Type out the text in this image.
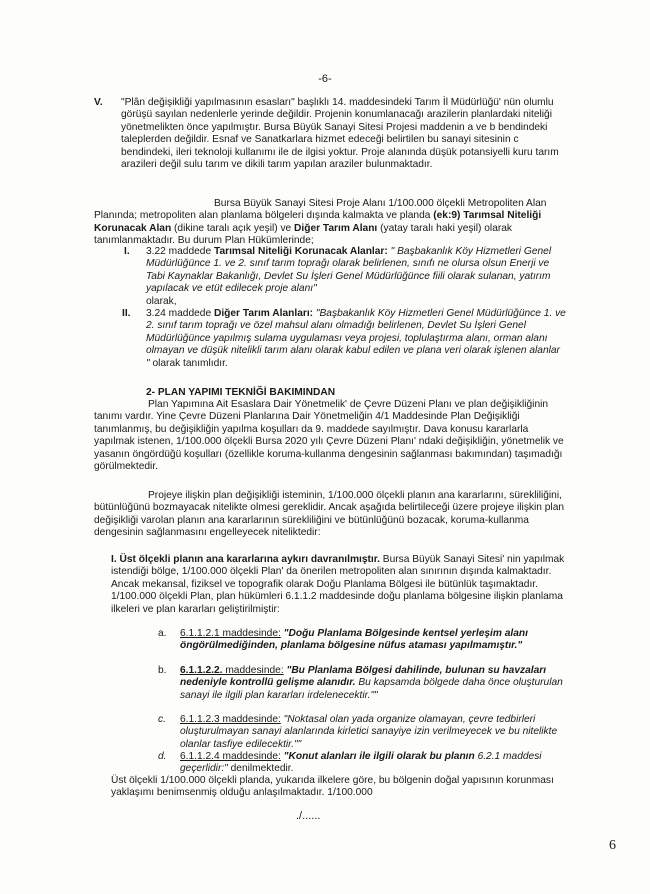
-6-
V. "Plân değişikliği yapılmasının esasları" başlıklı 14. maddesindeki Tarım İl Müdürlüğü' nün olumlu görüşü sayılan nedenlerle yerinde değildir. Projenin konumlanacağı arazilerin planlardaki niteliği yönetmelikten önce yapılmıştır. Bursa Büyük Sanayi Sitesi Projesi maddenin a ve b bendindeki taleplerden değildir. Esnaf ve Sanatkarlara hizmet edeceği belirtilen bu sanayi sitesinin c bendindeki, ileri teknoloji kullanımı ile de ilgisi yoktur. Proje alanında düşük potansiyelli kuru tarım arazileri değil sulu tarım ve dikili tarım yapılan araziler bulunmaktadır.
Bursa Büyük Sanayi Sitesi Proje Alanı 1/100.000 ölçekli Metropoliten Alan Planında; metropoliten alan planlama bölgeleri dışında kalmakta ve planda (ek:9) Tarımsal Niteliği Korunacak Alan (dikine taralı açık yeşil) ve Diğer Tarım Alanı (yatay taralı haki yeşil) olarak tanımlanmaktadır. Bu durum Plan Hükümlerinde;
I. 3.22 maddede Tarımsal Niteliği Korunacak Alanlar: " Başbakanlık Köy Hizmetleri Genel Müdürlüğünce 1. ve 2. sınıf tarım toprağı olarak belirlenen, sınıfı ne olursa olsun Enerji ve Tabi Kaynaklar Bakanlığı, Devlet Su İşleri Genel Müdürlüğünce fiili olarak sulanan, yatırım yapılacak ve etüt edilecek proje alanı"
olarak,
II. 3.24 maddede Diğer Tarım Alanları: "Başbakanlık Köy Hizmetleri Genel Müdürlüğünce 1. ve 2. sınıf tarım toprağı ve özel mahsul alanı olmadığı belirlenen, Devlet Su İşleri Genel Müdürlüğünce yapılmış sulama uygulaması veya projesi, toplulaştırma alanı, orman alanı olmayan ve düşük nitelikli tarım alanı olarak kabul edilen ve plana veri olarak işlenen alanlar " olarak tanımlıdır.
2- PLAN YAPIMI TEKNİĞİ BAKIMINDAN
Plan Yapımına Ait Esaslara Dair Yönetmelik' de Çevre Düzeni Planı ve plan değişikliğinin tanımı vardır. Yine Çevre Düzeni Planlarına Dair Yönetmeliğin 4/1 Maddesinde Plan Değişikliği tanımlanmış, bu değişikliğin yapılma koşulları da 9. maddede sayılmıştır. Dava konusu kararlarla yapılmak istenen, 1/100.000 ölçekli Bursa 2020 yılı Çevre Düzeni Planı' ndaki değişikliğin, yönetmelik ve yasanın öngördüğü koşulları (özellikle koruma-kullanma dengesinin sağlanması bakımından) taşımadığı görülmektedir.
Projeye ilişkin plan değişikliği isteminin, 1/100.000 ölçekli planın ana kararlarını, sürekliliğini, bütünlüğünü bozmayacak nitelikte olmesi gereklidir. Ancak aşağıda belirtileceği üzere projeye ilişkin plan değişikliği varolan planın ana kararlarının sürekliliğini ve bütünlüğünü bozacak, koruma-kullanma dengesinin sağlanmasını engelleyecek niteliktedir:
I. Üst ölçekli planın ana kararlarına aykırı davranılmıştır. Bursa Büyük Sanayi Sitesi' nin yapılmak istendiği bölge, 1/100.000 ölçekli Plan' da önerilen metropoliten alan sınırının dışında kalmaktadır. Ancak mekansal, fiziksel ve topografik olarak Doğu Planlama Bölgesi ile bütünlük taşımaktadır. 1/100.000 ölçekli Plan, plan hükümleri 6.1.1.2 maddesinde doğu planlama bölgesine ilişkin planlama ilkeleri ve plan kararları geliştirilmiştir:
a. 6.1.1.2.1 maddesinde: "Doğu Planlama Bölgesinde kentsel yerleşim alanı öngörülmediğinden, planlama bölgesine nüfus ataması yapılmamıştır."
b. 6.1.1.2.2. maddesinde: "Bu Planlama Bölgesi dahilinde, bulunan su havzaları nedeniyle kontrollü gelişme alanıdır. Bu kapsamda bölgede daha önce oluşturulan sanayi ile ilgili plan kararları irdelenecektir.""
c. 6.1.1.2.3 maddesinde: "Noktasal olan yada organize olamayan, çevre tedbirleri oluşturulmayan sanayi alanlarında kirletici sanayiye izin verilmeyecek ve bu nitelikte olanlar tasfiye edilecektir.""
d. 6.1.1.2.4 maddesinde: "Konut alanları ile ilgili olarak bu planın 6.2.1 maddesi geçerlidir:" denilmektedir.
Üst ölçekli 1/100.000 ölçekli planda, yukarıda ilkelere göre, bu bölgenin doğal yapısının korunması yaklaşımı benimsenmiş olduğu anlaşılmaktadır. 1/100.000
./......
6
